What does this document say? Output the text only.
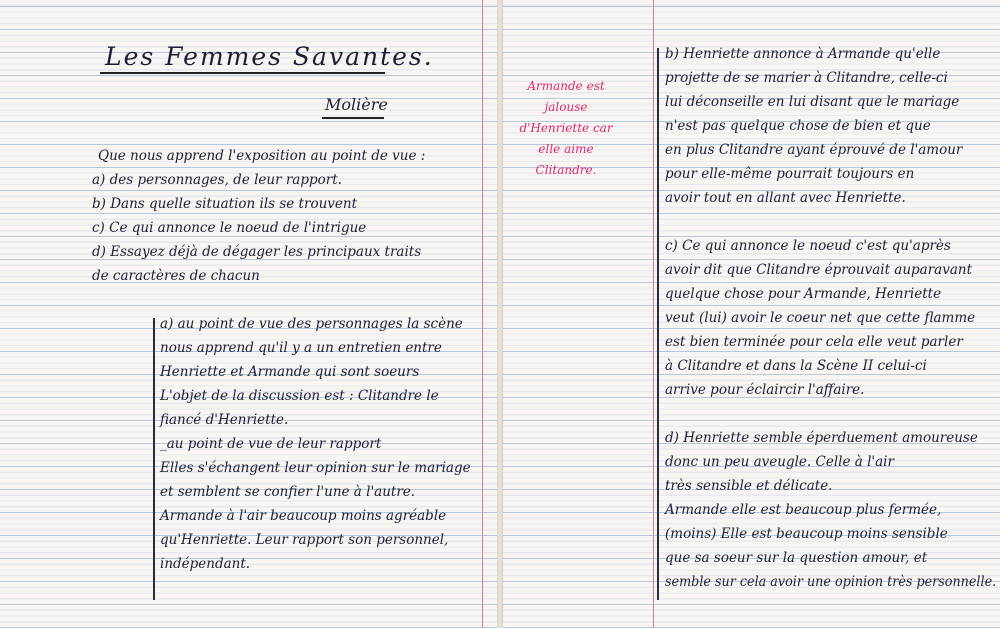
Les Femmes Savantes.
Molière
Que nous apprend l'exposition au point de vue :
a) des personnages, de leur rapport.
b) Dans quelle situation ils se trouvent
c) Ce qui annonce le noeud de l'intrigue
d) Essayez déjà de dégager les principaux traits
de caractères de chacun
a) au point de vue des personnages la scène
nous apprend qu'il y a un entretien entre
Henriette et Armande qui sont soeurs
L'objet de la discussion est : Clitandre le
fiancé d'Henriette.
_au point de vue de leur rapport
Elles s'échangent leur opinion sur le mariage
et semblent se confier l'une à l'autre.
Armande à l'air beaucoup moins agréable
qu'Henriette. Leur rapport son personnel,
indépendant.
Armande est jalouse d'Henriette car elle aime Clitandre.
b) Henriette annonce à Armande qu'elle
projette de se marier à Clitandre, celle-ci
lui déconseille en lui disant que le mariage
n'est pas quelque chose de bien et que
en plus Clitandre ayant éprouvé de l'amour
pour elle-même pourrait toujours en
avoir tout en allant avec Henriette.
c) Ce qui annonce le noeud c'est qu'après
avoir dit que Clitandre éprouvait auparavant
quelque chose pour Armande, Henriette
veut (lui) avoir le coeur net que cette flamme
est bien terminée pour cela elle veut parler
à Clitandre et dans la Scène II celui-ci
arrive pour éclaircir l'affaire.
d) Henriette semble éperduement amoureuse
donc un peu aveugle. Celle à l'air
très sensible et délicate.
Armande elle est beaucoup plus fermée,
(moins) Elle est beaucoup moins sensible
que sa soeur sur la question amour, et
semble sur cela avoir une opinion très personnelle.
